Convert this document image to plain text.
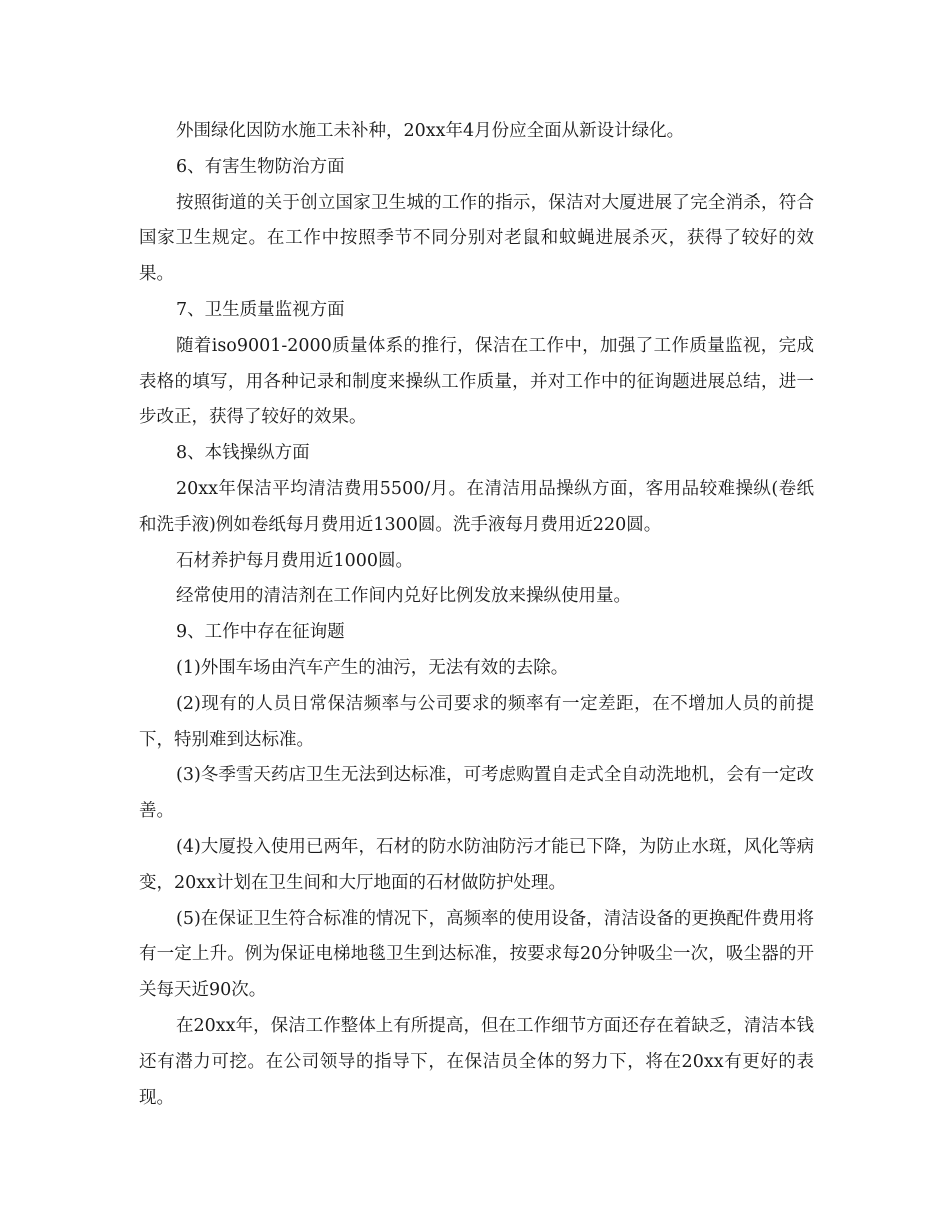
外围绿化因防水施工未补种，20xx年4月份应全面从新设计绿化。

6、有害生物防治方面

按照街道的关于创立国家卫生城的工作的指示，保洁对大厦进展了完全消杀，符合国家卫生规定。在工作中按照季节不同分别对老鼠和蚊蝇进展杀灭，获得了较好的效果。

7、卫生质量监视方面

随着iso9001-2000质量体系的推行，保洁在工作中，加强了工作质量监视，完成表格的填写，用各种记录和制度来操纵工作质量，并对工作中的征询题进展总结，进一步改正，获得了较好的效果。

8、本钱操纵方面

20xx年保洁平均清洁费用5500/月。在清洁用品操纵方面，客用品较难操纵(卷纸和洗手液)例如卷纸每月费用近1300圆。洗手液每月费用近220圆。

石材养护每月费用近1000圆。

经常使用的清洁剂在工作间内兑好比例发放来操纵使用量。

9、工作中存在征询题

(1)外围车场由汽车产生的油污，无法有效的去除。

(2)现有的人员日常保洁频率与公司要求的频率有一定差距，在不增加人员的前提下，特别难到达标准。

(3)冬季雪天药店卫生无法到达标准，可考虑购置自走式全自动洗地机，会有一定改善。

(4)大厦投入使用已两年，石材的防水防油防污才能已下降，为防止水斑，风化等病变，20xx计划在卫生间和大厅地面的石材做防护处理。

(5)在保证卫生符合标准的情况下，高频率的使用设备，清洁设备的更换配件费用将有一定上升。例为保证电梯地毯卫生到达标准，按要求每20分钟吸尘一次，吸尘器的开关每天近90次。

在20xx年，保洁工作整体上有所提高，但在工作细节方面还存在着缺乏，清洁本钱还有潜力可挖。在公司领导的指导下，在保洁员全体的努力下，将在20xx有更好的表现。
